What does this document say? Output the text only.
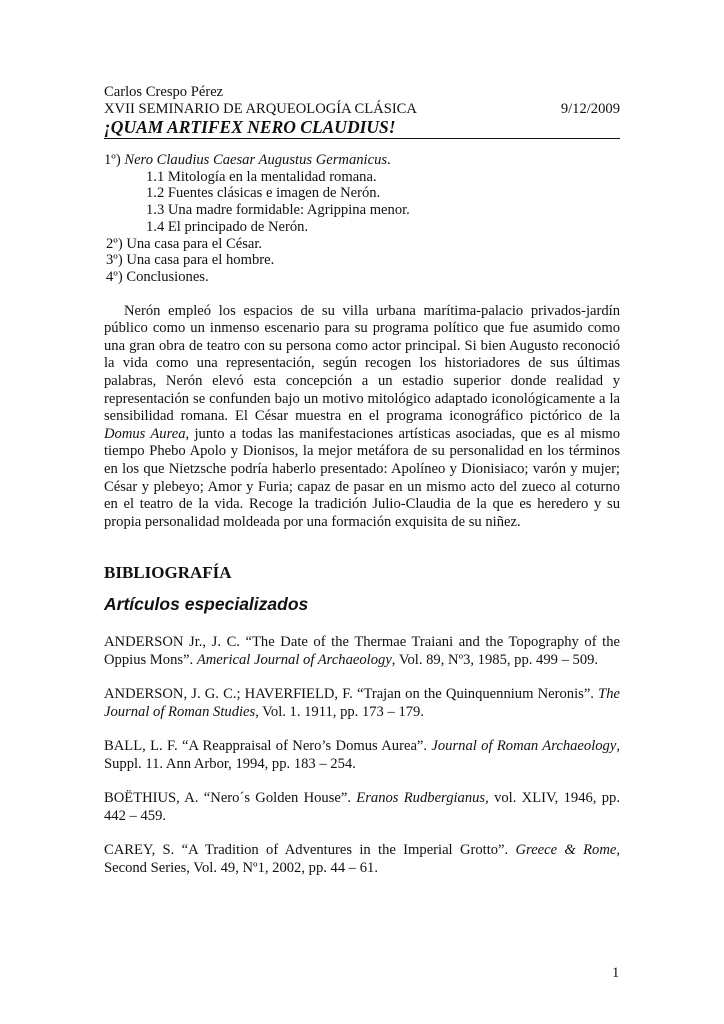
Carlos Crespo Pérez
XVII SEMINARIO DE ARQUEOLOGÍA CLÁSICA	9/12/2009
¡QUAM ARTIFEX NERO CLAUDIUS!
1º) Nero Claudius Caesar Augustus Germanicus.
1.1 Mitología en la mentalidad romana.
1.2 Fuentes clásicas e imagen de Nerón.
1.3 Una madre formidable: Agrippina menor.
1.4 El principado de Nerón.
2º) Una casa para el César.
3º) Una casa para el hombre.
4º) Conclusiones.
Nerón empleó los espacios de su villa urbana marítima-palacio privados-jardín público como un inmenso escenario para su programa político que fue asumido como una gran obra de teatro con su persona como actor principal. Si bien Augusto reconoció la vida como una representación, según recogen los historiadores de sus últimas palabras, Nerón elevó esta concepción a un estadio superior donde realidad y representación se confunden bajo un motivo mitológico adaptado iconológicamente a la sensibilidad romana. El César muestra en el programa iconográfico pictórico de la Domus Aurea, junto a todas las manifestaciones artísticas asociadas, que es al mismo tiempo Phebo Apolo y Dionisos, la mejor metáfora de su personalidad en los términos en los que Nietzsche podría haberlo presentado: Apolíneo y Dionisiaco; varón y mujer; César y plebeyo; Amor y Furia; capaz de pasar en un mismo acto del zueco al coturno en el teatro de la vida. Recoge la tradición Julio-Claudia de la que es heredero y su propia personalidad moldeada por una formación exquisita de su niñez.
BIBLIOGRAFÍA
Artículos especializados
ANDERSON Jr., J. C. “The Date of the Thermae Traiani and the Topography of the Oppius Mons”. Americal Journal of Archaeology, Vol. 89, Nº3, 1985, pp. 499 – 509.
ANDERSON, J. G. C.; HAVERFIELD, F. “Trajan on the Quinquennium Neronis”. The Journal of Roman Studies, Vol. 1. 1911, pp. 173 – 179.
BALL, L. F. “A Reappraisal of Nero’s Domus Aurea”. Journal of Roman Archaeology, Suppl. 11. Ann Arbor, 1994, pp. 183 – 254.
BOËTHIUS, A. “Nero´s Golden House”. Eranos Rudbergianus, vol. XLIV, 1946, pp. 442 – 459.
CAREY, S. “A Tradition of Adventures in the Imperial Grotto”. Greece & Rome, Second Series, Vol. 49, Nº1, 2002, pp. 44 – 61.
1
